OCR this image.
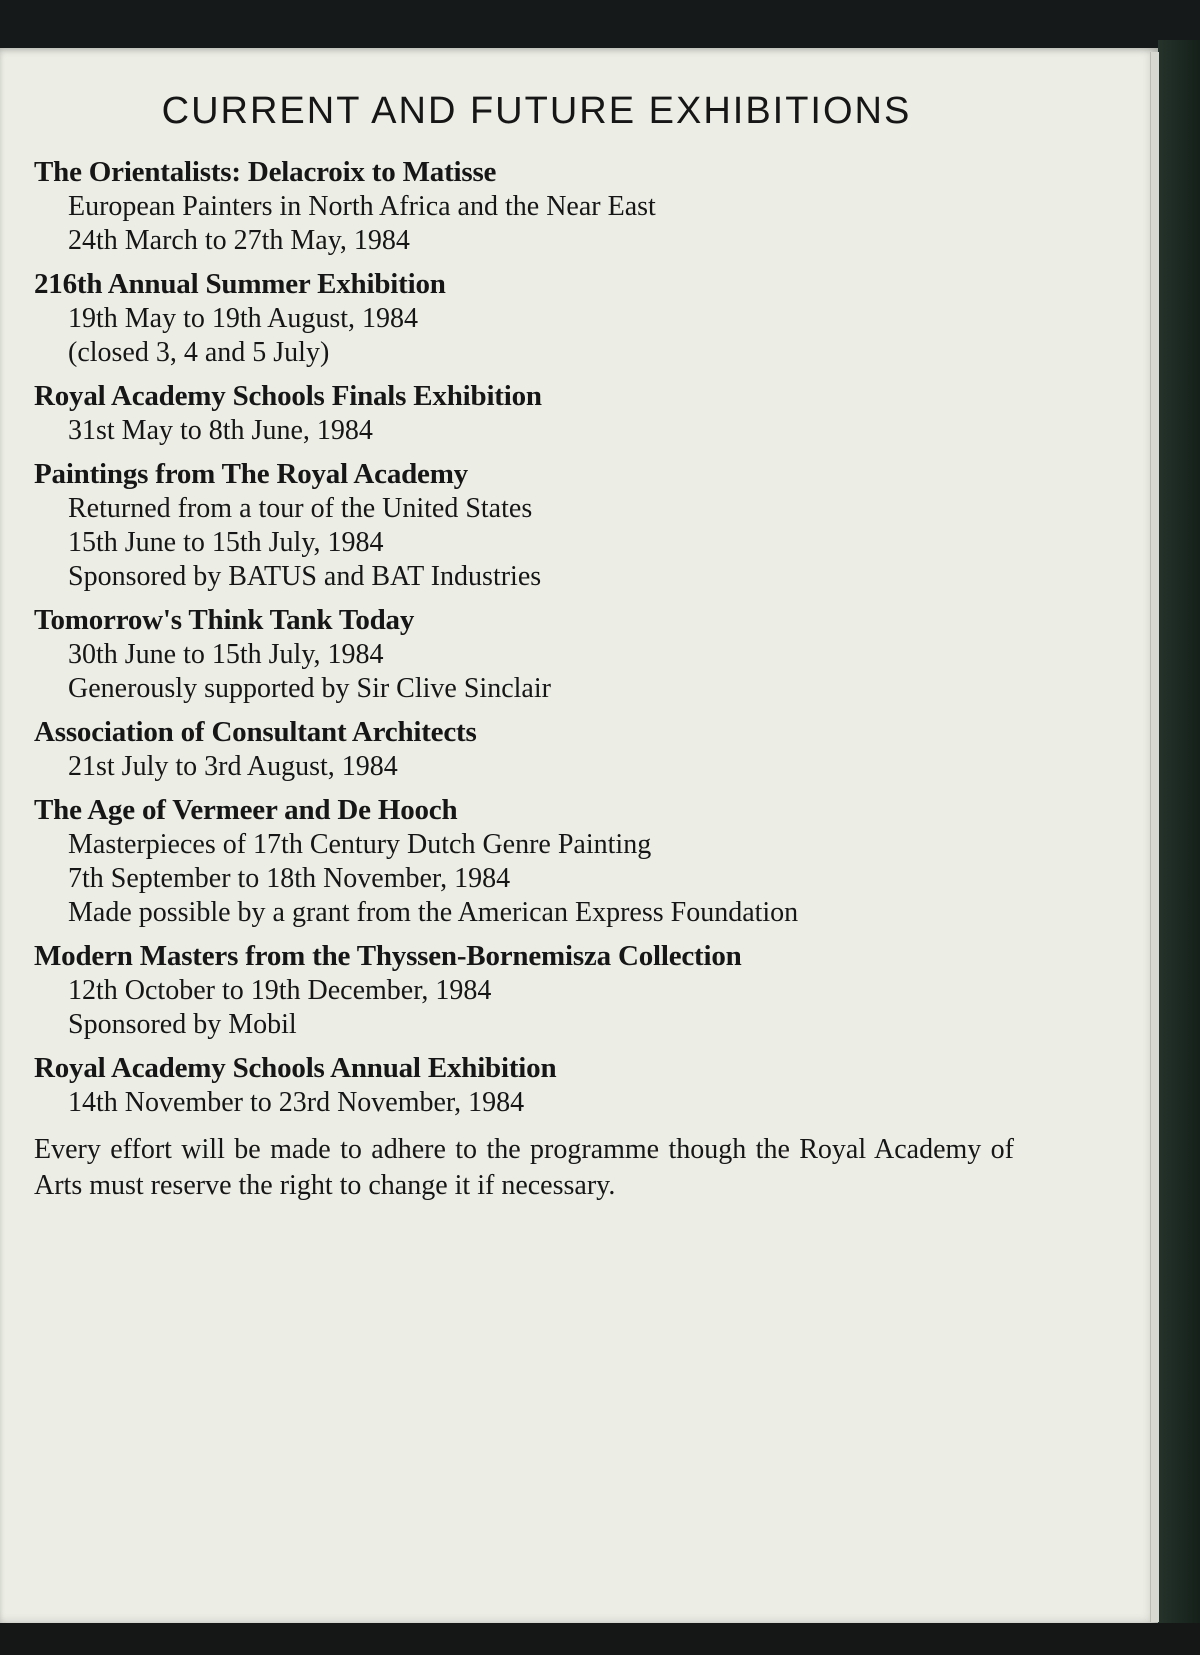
CURRENT AND FUTURE EXHIBITIONS
The Orientalists: Delacroix to Matisse
European Painters in North Africa and the Near East
24th March to 27th May, 1984
216th Annual Summer Exhibition
19th May to 19th August, 1984
(closed 3, 4 and 5 July)
Royal Academy Schools Finals Exhibition
31st May to 8th June, 1984
Paintings from The Royal Academy
Returned from a tour of the United States
15th June to 15th July, 1984
Sponsored by BATUS and BAT Industries
Tomorrow's Think Tank Today
30th June to 15th July, 1984
Generously supported by Sir Clive Sinclair
Association of Consultant Architects
21st July to 3rd August, 1984
The Age of Vermeer and De Hooch
Masterpieces of 17th Century Dutch Genre Painting
7th September to 18th November, 1984
Made possible by a grant from the American Express Foundation
Modern Masters from the Thyssen-Bornemisza Collection
12th October to 19th December, 1984
Sponsored by Mobil
Royal Academy Schools Annual Exhibition
14th November to 23rd November, 1984

Every effort will be made to adhere to the programme though the Royal Academy of Arts must reserve the right to change it if necessary.
